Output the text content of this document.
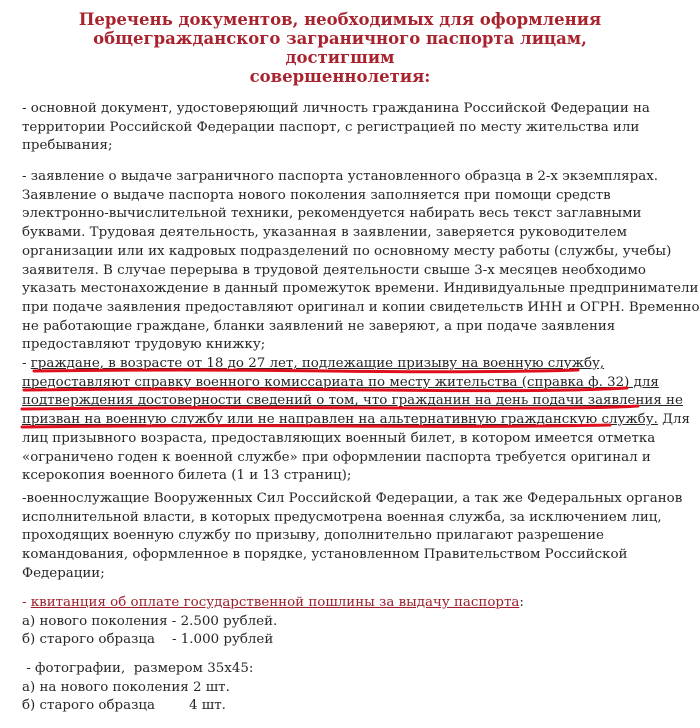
Перечень документов, необходимых для оформления
общегражданского заграничного паспорта лицам, достигшим
совершеннолетия:
- основной документ, удостоверяющий личность гражданина Российской Федерации на
территории Российской Федерации паспорт, с регистрацией по месту жительства или
пребывания;
- заявление о выдаче заграничного паспорта установленного образца в 2-х экземплярах.
Заявление о выдаче паспорта нового поколения заполняется при помощи средств
электронно-вычислительной техники, рекомендуется набирать весь текст заглавными
буквами. Трудовая деятельность, указанная в заявлении, заверяется руководителем
организации или их кадровых подразделений по основному месту работы (службы, учебы)
заявителя. В случае перерыва в трудовой деятельности свыше 3-х месяцев необходимо
указать местонахождение в данный промежуток времени. Индивидуальные предприниматели
при подаче заявления предоставляют оригинал и копии свидетельств ИНН и ОГРН. Временно
не работающие граждане, бланки заявлений не заверяют, а при подаче заявления
предоставляют трудовую книжку;
- граждане, в возрасте от 18 до 27 лет, подлежащие призыву на военную службу,
предоставляют справку военного комиссариата по месту жительства (справка ф. 32) для
подтверждения достоверности сведений о том, что гражданин на день подачи заявления не
призван на военную службу или не направлен на альтернативную гражданскую службу. Для
лиц призывного возраста, предоставляющих военный билет, в котором имеется отметка
«ограничено годен к военной службе» при оформлении паспорта требуется оригинал и
ксерокопия военного билета (1 и 13 страниц);
-военнослужащие Вооруженных Сил Российской Федерации, а так же Федеральных органов
исполнительной власти, в которых предусмотрена военная служба, за исключением лиц,
проходящих военную службу по призыву, дополнительно прилагают разрешение
командования, оформленное в порядке, установленном Правительством Российской
Федерации;
- квитанция об оплате государственной пошлины за выдачу паспорта:
а) нового поколения - 2.500 рублей.
б) старого образца    - 1.000 рублей
- фотографии,  размером 35х45:
а) на нового поколения 2 шт.
б) старого образца        4 шт.
